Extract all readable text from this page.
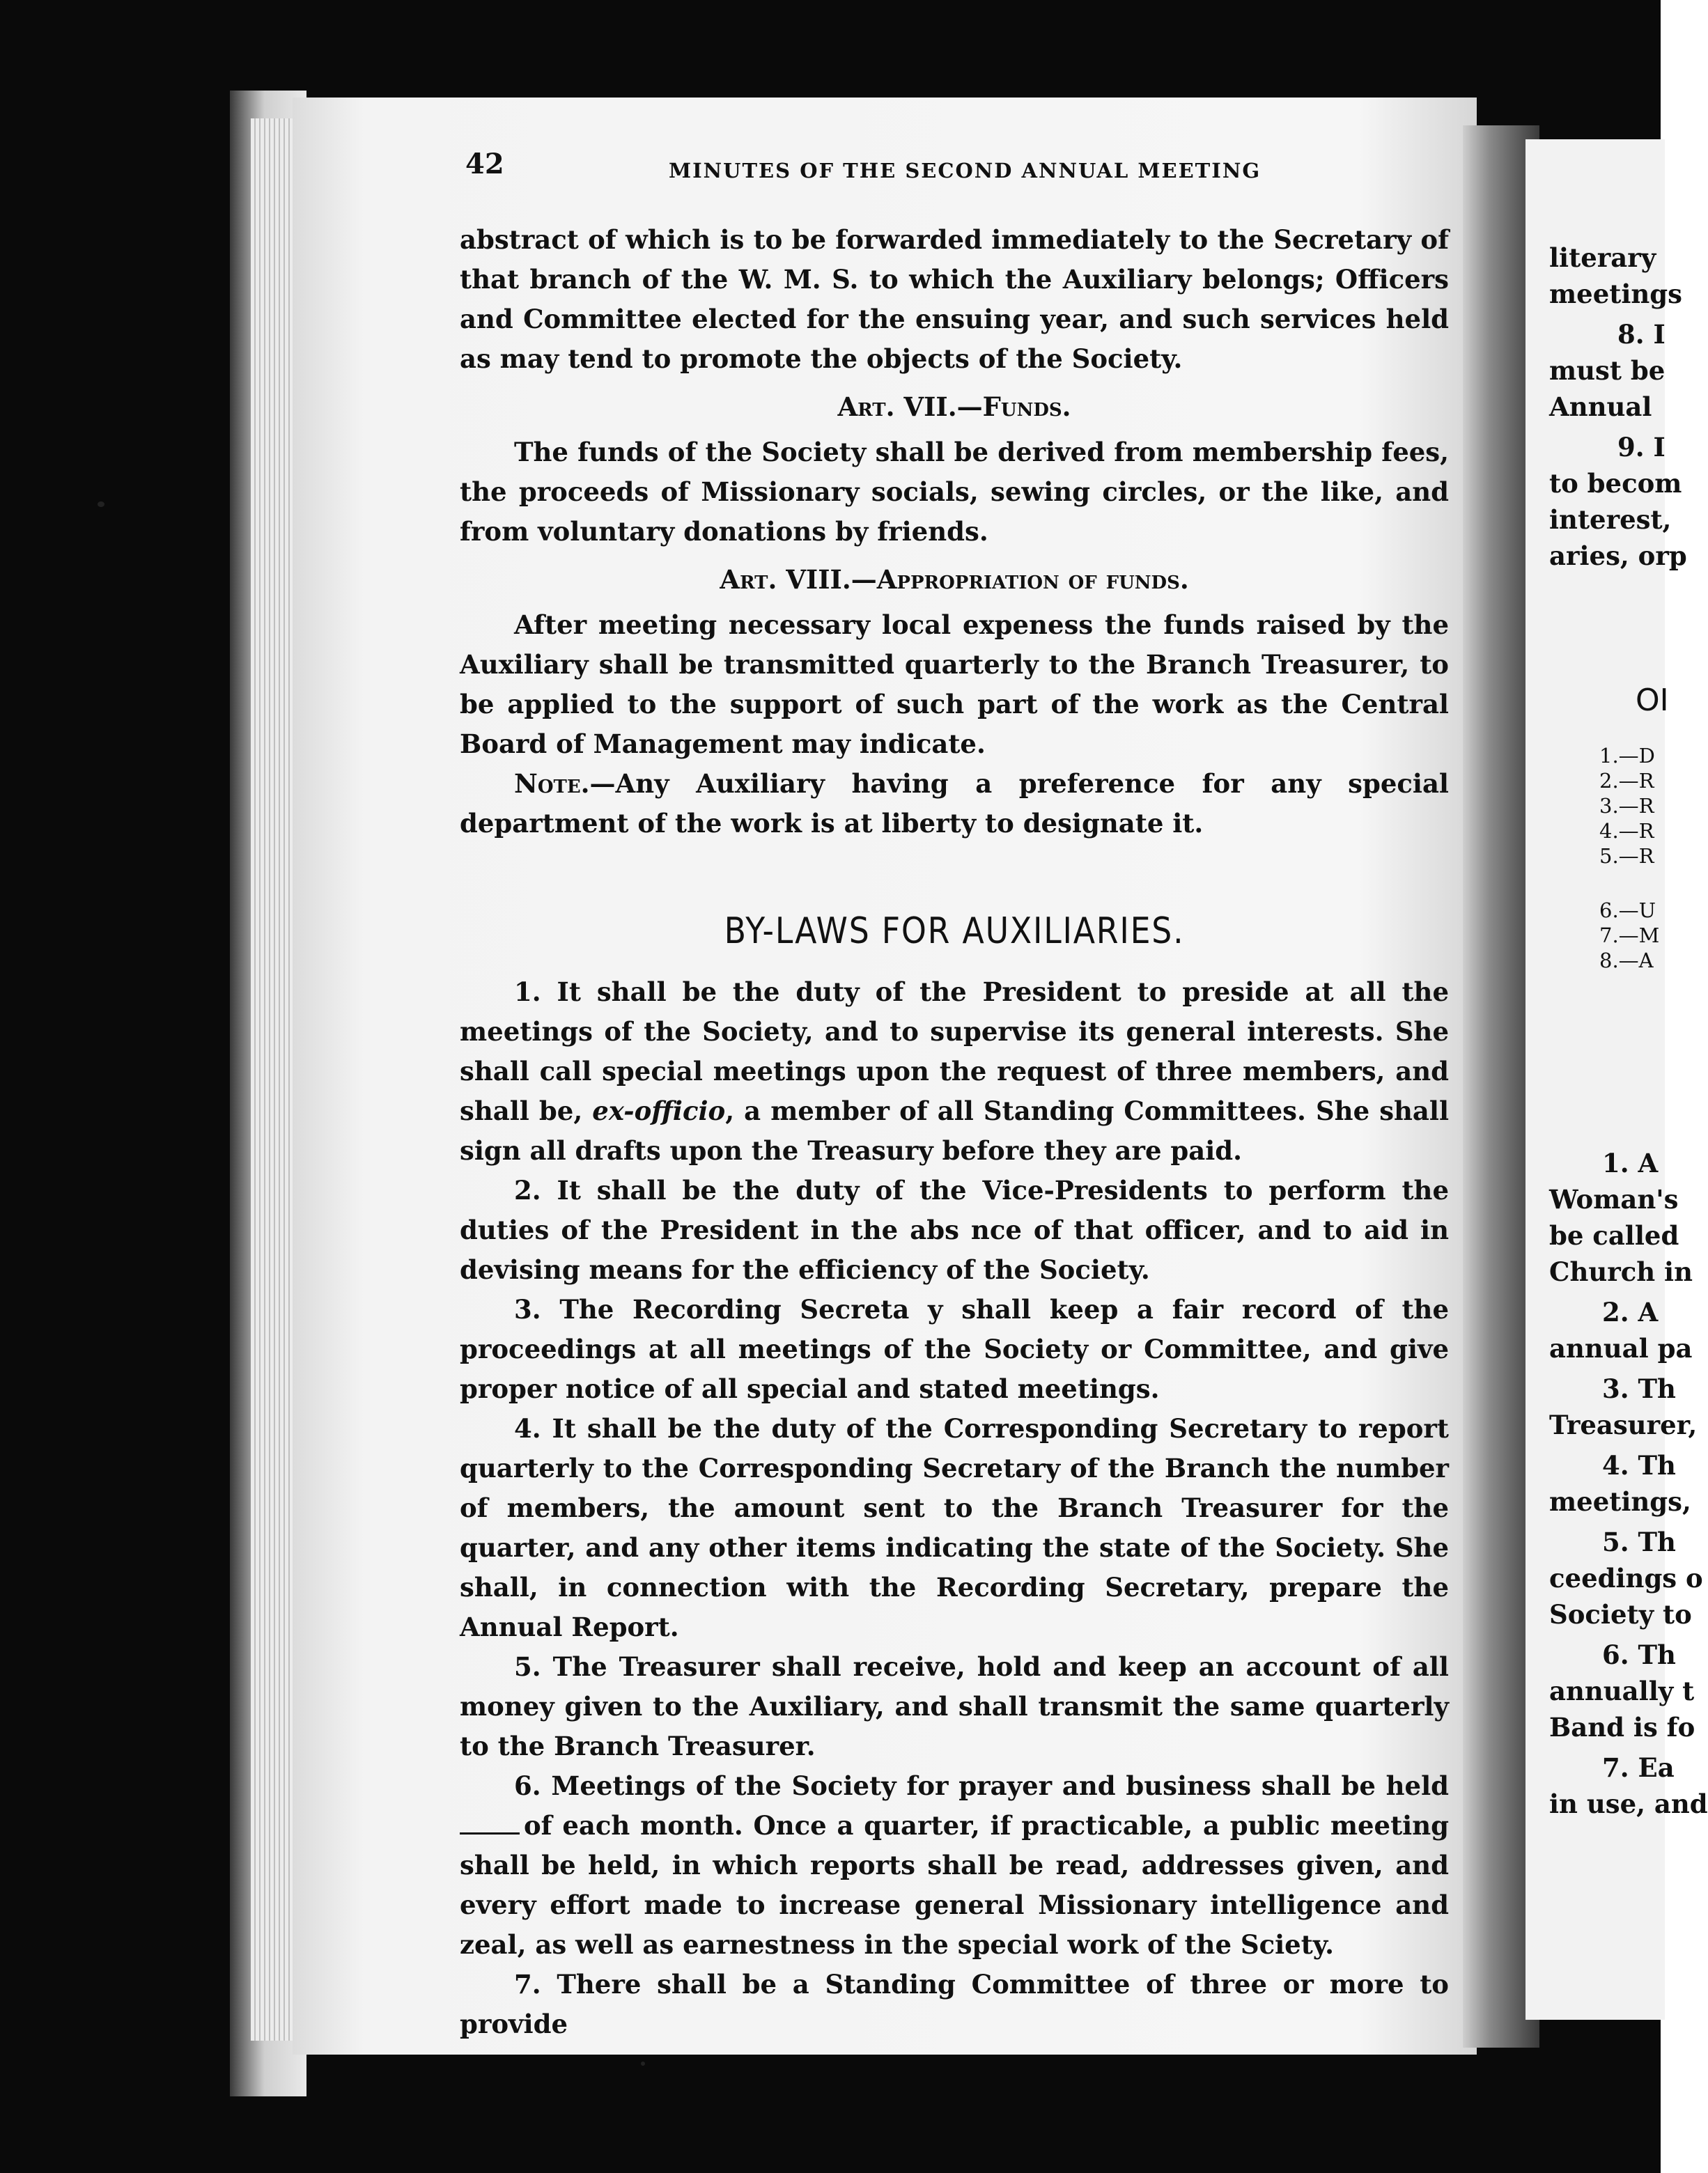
42	MINUTES OF THE SECOND ANNUAL MEETING

abstract of which is to be forwarded immediately to the Secretary of that branch of the W. M. S. to which the Auxiliary belongs; Officers and Committee elected for the ensuing year, and such services held as may tend to promote the objects of the Society.

Art. VII.—Funds.

The funds of the Society shall be derived from membership fees, the proceeds of Missionary socials, sewing circles, or the like, and from voluntary donations by friends.

Art. VIII.—Appropriation of funds.

After meeting necessary local expeness the funds raised by the Auxiliary shall be transmitted quarterly to the Branch Treasurer, to be applied to the support of such part of the work as the Central Board of Management may indicate.

Note.—Any Auxiliary having a preference for any special department of the work is at liberty to designate it.

BY-LAWS FOR AUXILIARIES.

1. It shall be the duty of the President to preside at all the meetings of the Society, and to supervise its general interests. She shall call special meetings upon the request of three members, and shall be, ex-officio, a member of all Standing Committees. She shall sign all drafts upon the Treasury before they are paid.

2. It shall be the duty of the Vice-Presidents to perform the duties of the President in the abs nce of that officer, and to aid in devising means for the efficiency of the Society.

3. The Recording Secreta y shall keep a fair record of the proceedings at all meetings of the Society or Committee, and give proper notice of all special and stated meetings.

4. It shall be the duty of the Corresponding Secretary to report quarterly to the Corresponding Secretary of the Branch the number of members, the amount sent to the Branch Treasurer for the quarter, and any other items indicating the state of the Society. She shall, in connection with the Recording Secretary, prepare the Annual Report.

5. The Treasurer shall receive, hold and keep an account of all money given to the Auxiliary, and shall transmit the same quarterly to the Branch Treasurer.

6. Meetings of the Society for prayer and business shall be held of each month. Once a quarter, if practicable, a public meeting shall be held, in which reports shall be read, addresses given, and every effort made to increase general Missionary intelligence and zeal, as well as earnestness in the special work of the Sciety.

7. There shall be a Standing Committee of three or more to provide

literary
meetings
8. I
must be
Annual
9. I
to becom
interest,
aries, orp
OI
1.—D
2.—R
3.—R
4.—R
5.—R
6.—U
7.—M
8.—A
1. A
Woman's
be called
Church in
2. A
annual pa
3. Th
Treasurer,
4. Th
meetings,
5. Th
ceedings o
Society to
6. Th
annually t
Band is fo
7. Ea
in use, and
